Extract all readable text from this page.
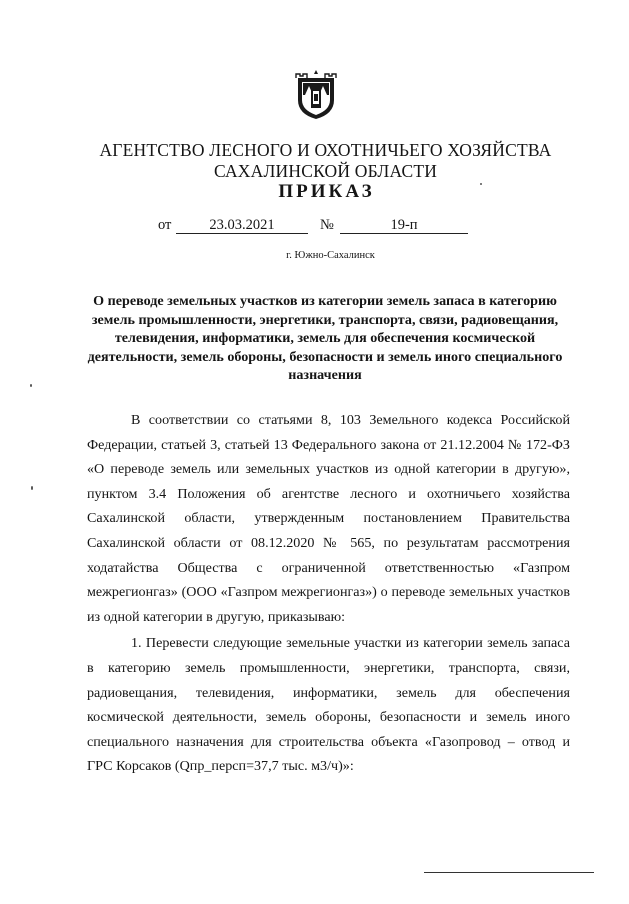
АГЕНТСТВО ЛЕСНОГО И ОХОТНИЧЬЕГО ХОЗЯЙСТВА
САХАЛИНСКОЙ ОБЛАСТИ
ПРИКАЗ
от	23.03.2021	№	19-п
г. Южно-Сахалинск
О переводе земельных участков из категории земель запаса в категорию земель промышленности, энергетики, транспорта, связи, радиовещания, телевидения, информатики, земель для обеспечения космической деятельности, земель обороны, безопасности и земель иного специального назначения

В соответствии со статьями 8, 103 Земельного кодекса Российской Федерации, статьей 3, статьей 13 Федерального закона от 21.12.2004 № 172-ФЗ «О переводе земель или земельных участков из одной категории в другую», пунктом 3.4 Положения об агентстве лесного и охотничьего хозяйства Сахалинской области, утвержденным постановлением Правительства Сахалинской области от 08.12.2020 № 565, по результатам рассмотрения ходатайства Общества с ограниченной ответственностью «Газпром межрегионгаз» (ООО «Газпром межрегионгаз») о переводе земельных участков из одной категории в другую, приказываю:

1. Перевести следующие земельные участки из категории земель запаса в категорию земель промышленности, энергетики, транспорта, связи, радиовещания, телевидения, информатики, земель для обеспечения космической деятельности, земель обороны, безопасности и земель иного специального назначения для строительства объекта «Газопровод – отвод и ГРС Корсаков (Qпр_персп=37,7 тыс. м3/ч)»:
